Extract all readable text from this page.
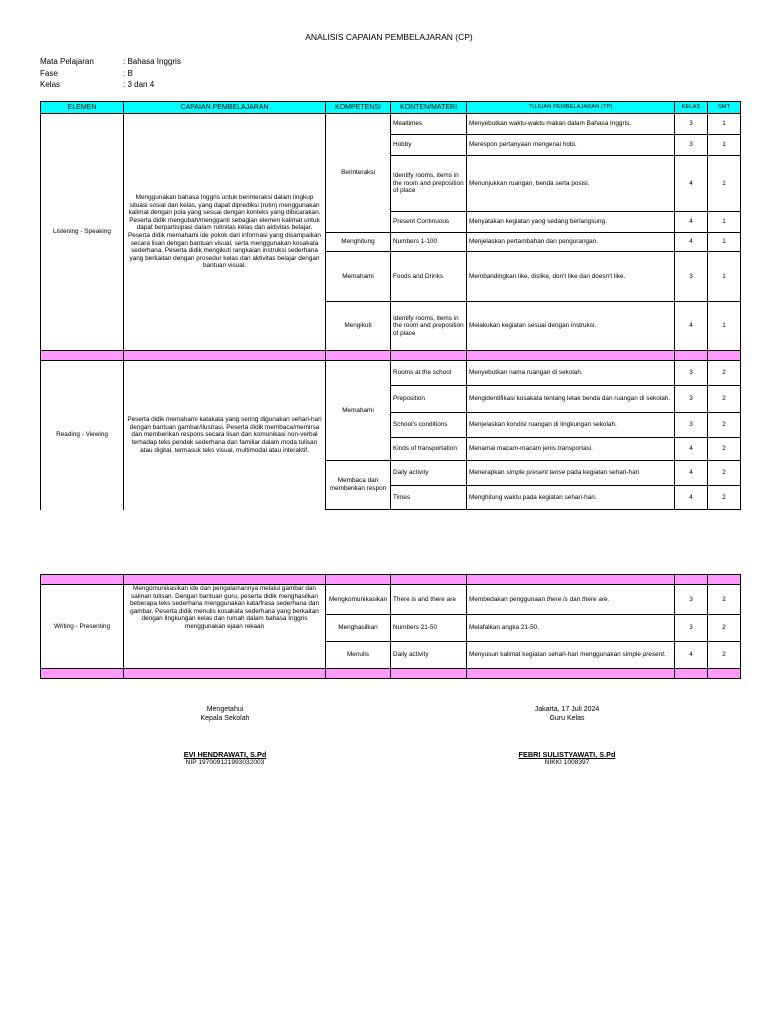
ANALISIS CAPAIAN PEMBELAJARAN (CP)
Mata Pelajaran	: Bahasa Inggris
Fase	: B
Kelas	: 3 dan 4
ELEMEN	CAPAIAN PEMBELAJARAN	KOMPETENSI	KONTEN/MATERI	TUJUAN PEMBELAJARAN (TP)	KELAS	SMT
Listening - Speaking	Menggunakan bahasa Inggris untuk berinteraksi dalam lingkup situasi sosial dan kelas, yang dapat diprediksi (rutin) menggunakan kalimat dengan pola yang sesuai dengan konteks yang dibicarakan. Peserta didik mengubah/mengganti sebagian elemen kalimat untuk dapat berpartisipasi dalam rutinitas kelas dan aktivitas belajar. Peserta didik memahami ide pokok dari informasi yang disampaikan secara lisan dengan bantuan visual, serta menggunakan kosakata sederhana. Peserta didik mengikuti rangkaian instruksi sederhana yang berkaitan dengan prosedur kelas dan aktivitas belajar dengan bantuan visual.	Berinteraksi	Mealtimes	Menyebutkan waktu-waktu makan dalam Bahasa Inggris.	3	1
			Hobby	Merespon pertanyaan mengenai hobi.	3	1
			Identify rooms, items in the room and preposition of place	Menunjukkan ruangan, benda serta posisi.	4	1
			Present Continuous	Menyatakan kegiatan yang sedang berlangsung.	4	1
		Menghitung	Numbers 1-100	Menjelaskan pertambahan dan pengurangan.	4	1
		Memahami	Foods and Drinks	Membandingkan like, dislike, don't like dan doesn't like.	3	1
		Mengikuti	Identify rooms, items in the room and preposition of place	Melakukan kegiatan sesuai dengan instruksi.	4	1

Reading - Viewing	Peserta didik memahami katakata yang sering digunakan sehari-hari dengan bantuan gambar/ilustrasi. Peserta didik membaca/memirsa dan memberikan respons secara lisan dan komunikasi non-verbal terhadap teks pendek sederhana dan familiar dalam moda tulisan atau digital, termasuk teks visual, multimodal atau interaktif.	Memahami	Rooms at the school	Menyebutkan nama ruangan di sekolah.	3	2
			Preposition	Mengidentifikasi kosakata tentang letak benda dan ruangan di sekolah.	3	2
			School's conditions	Menjelaskan kondisi ruangan di lingkungan sekolah.	3	2
			Kinds of transportation	Menamai macam-macam jenis transportasi.	4	2
		Membaca dan memberikan respon	Daily activity	Menerapkan simple present tense pada kegiatan sehari-hari	4	2
			Times	Menghitung waktu pada kegiatan sehari-hari.	4	2

Writing - Presenting	Mengomunikasikan ide dan pengalamannya melalui gambar dan salinan tulisan. Dengan bantuan guru, peserta didik menghasilkan beberapa teks sederhana menggunakan kata/frasa sederhana dan gambar. Peserta didik menulis kosakata sederhana yang berkaitan dengan lingkungan kelas dan rumah dalam bahasa Inggris menggunakan ejaan rekaan	Mengkomunikasikan	There is and there are	Membedakan penggunaan there is dan there are.	3	2
		Menghasilkan	Numbers 21-50	Melafalkan angka 21-50.	3	2
		Menulis	Daily activity	Menyusun kalimat kegiatan sehari-hari menggunakan simple present.	4	2

Mengetahui
Kepala Sekolah
EVI HENDRAWATI, S.Pd
NIP 197009121993032003
Jakarta, 17 Juli 2024
Guru Kelas
FEBRI SULISTYAWATI, S.Pd
NIKKI 1008397
